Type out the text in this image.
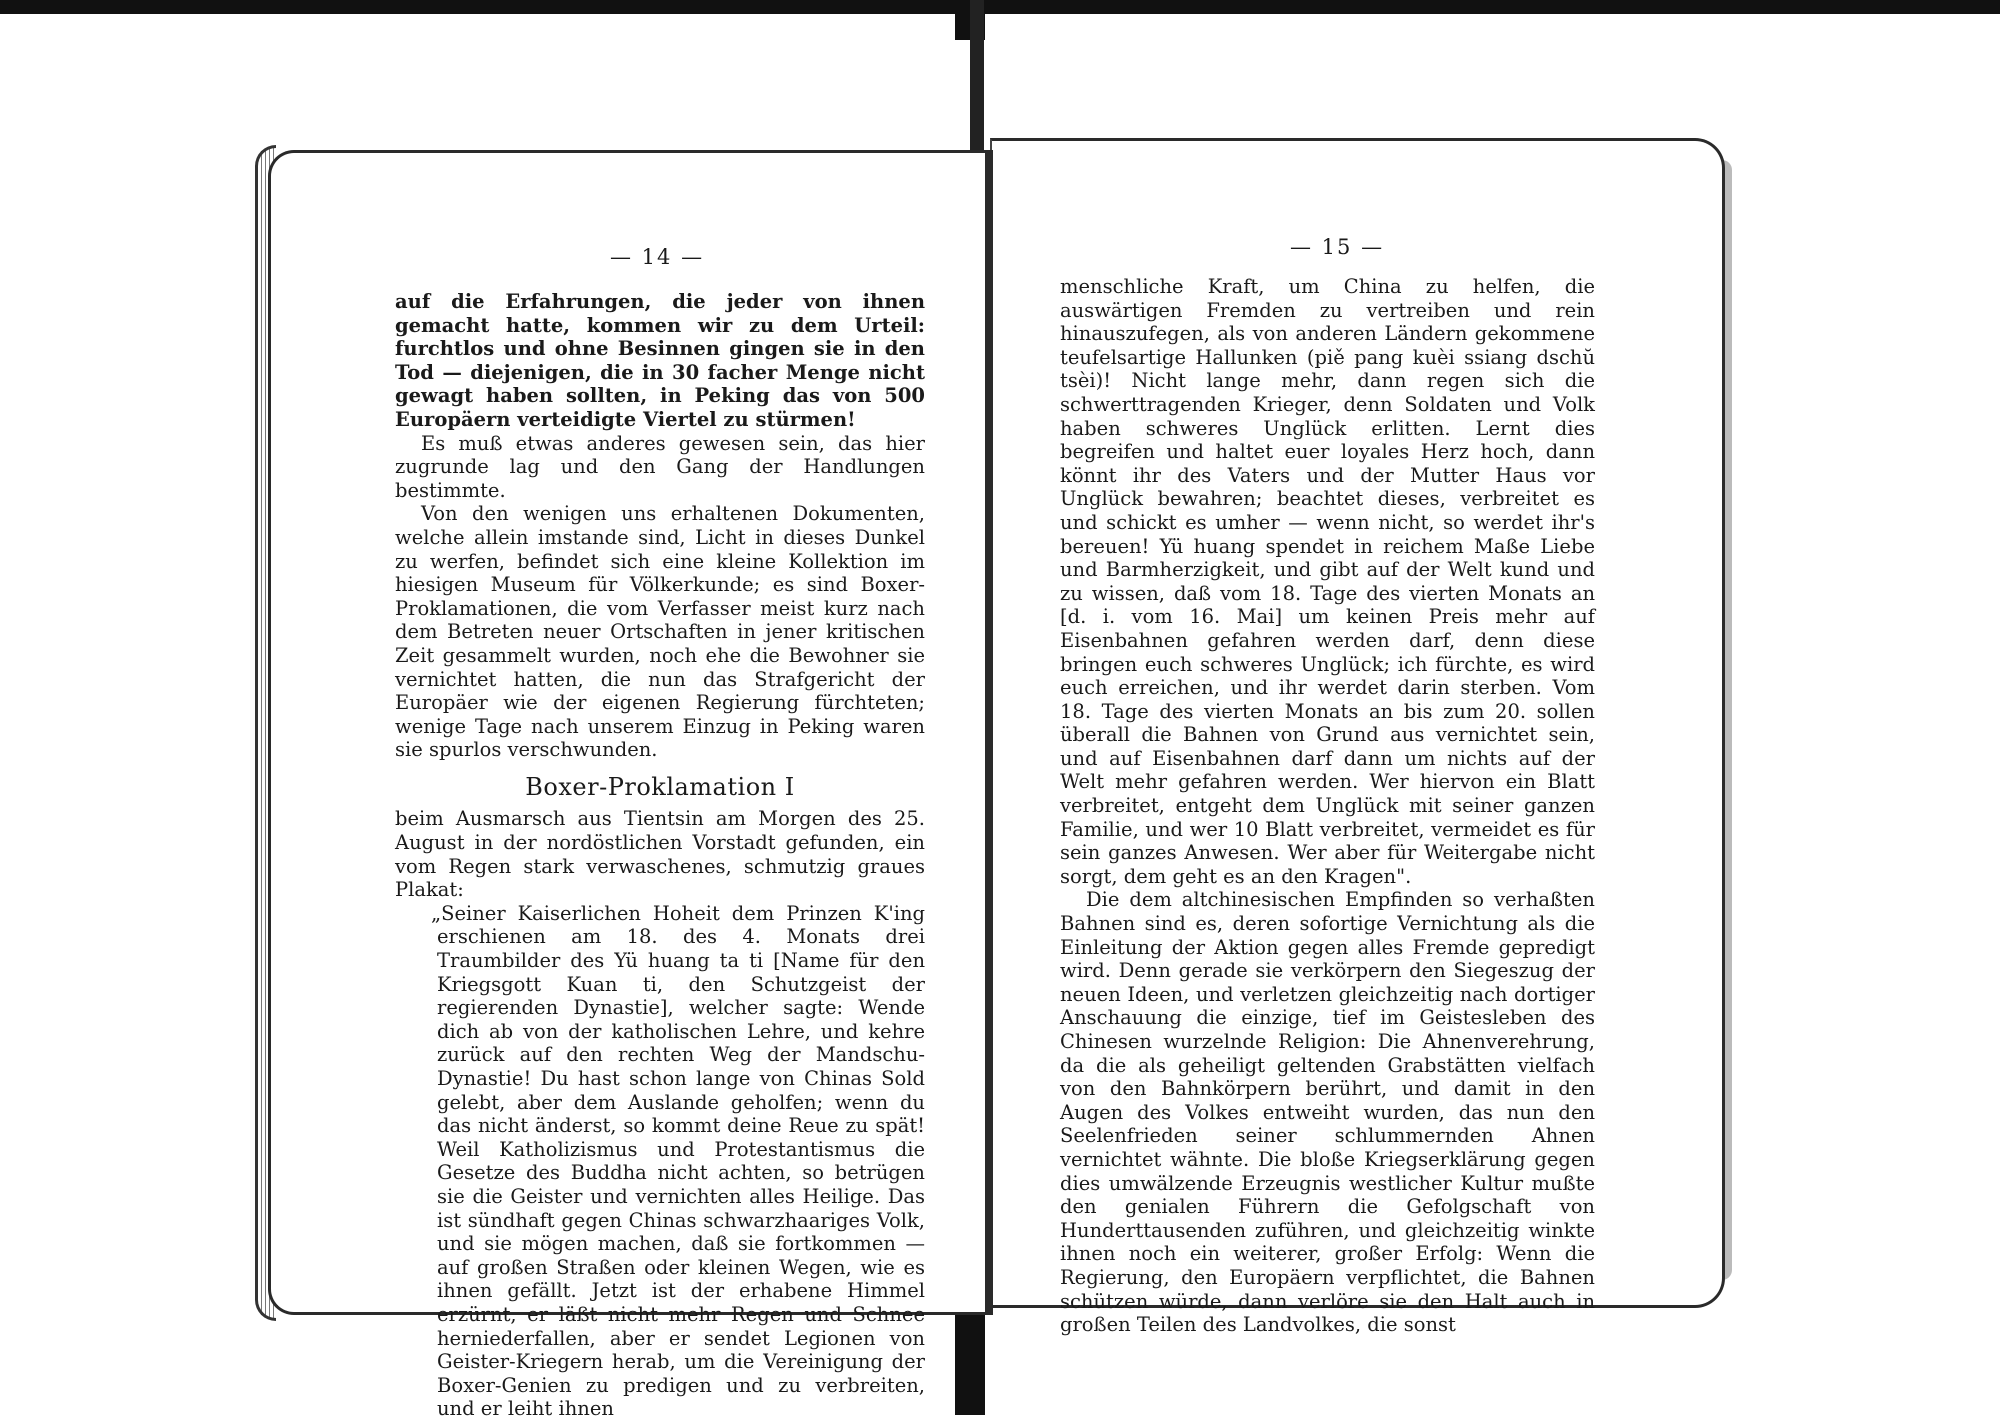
— 14 —	— 15 —

auf die Erfahrungen, die jeder von ihnen gemacht hatte, kommen wir zu dem Urteil: furchtlos und ohne Besinnen gingen sie in den Tod — diejenigen, die in 30 facher Menge nicht gewagt haben sollten, in Peking das von 500 Europäern verteidigte Viertel zu stürmen!

Es muß etwas anderes gewesen sein, das hier zugrunde lag und den Gang der Handlungen bestimmte.

Von den wenigen uns erhaltenen Dokumenten, welche allein imstande sind, Licht in dieses Dunkel zu werfen, befindet sich eine kleine Kollektion im hiesigen Museum für Völkerkunde; es sind Boxer-Proklamationen, die vom Verfasser meist kurz nach dem Betreten neuer Ortschaften in jener kritischen Zeit gesammelt wurden, noch ehe die Bewohner sie vernichtet hatten, die nun das Strafgericht der Europäer wie der eigenen Regierung fürchteten; wenige Tage nach unserem Einzug in Peking waren sie spurlos verschwunden.

Boxer-Proklamation I

beim Ausmarsch aus Tientsin am Morgen des 25. August in der nordöstlichen Vorstadt gefunden, ein vom Regen stark verwaschenes, schmutzig graues Plakat:

„Seiner Kaiserlichen Hoheit dem Prinzen K'ing erschienen am 18. des 4. Monats drei Traumbilder des Yü huang ta ti [Name für den Kriegsgott Kuan ti, den Schutzgeist der regierenden Dynastie], welcher sagte: Wende dich ab von der katholischen Lehre, und kehre zurück auf den rechten Weg der Mandschu-Dynastie! Du hast schon lange von Chinas Sold gelebt, aber dem Auslande geholfen; wenn du das nicht änderst, so kommt deine Reue zu spät! Weil Katholizismus und Protestantismus die Gesetze des Buddha nicht achten, so betrügen sie die Geister und vernichten alles Heilige. Das ist sündhaft gegen Chinas schwarzhaariges Volk, und sie mögen machen, daß sie fortkommen — auf großen Straßen oder kleinen Wegen, wie es ihnen gefällt. Jetzt ist der erhabene Himmel erzürnt, er läßt nicht mehr Regen und Schnee herniederfallen, aber er sendet Legionen von Geister-Kriegern herab, um die Vereinigung der Boxer-Genien zu predigen und zu verbreiten, und er leiht ihnen

menschliche Kraft, um China zu helfen, die auswärtigen Fremden zu vertreiben und rein hinauszufegen, als von anderen Ländern gekommene teufelsartige Hallunken (piě pang kuèi ssiang dschŭ tsèi)! Nicht lange mehr, dann regen sich die schwerttragenden Krieger, denn Soldaten und Volk haben schweres Unglück erlitten. Lernt dies begreifen und haltet euer loyales Herz hoch, dann könnt ihr des Vaters und der Mutter Haus vor Unglück bewahren; beachtet dieses, verbreitet es und schickt es umher — wenn nicht, so werdet ihr's bereuen! Yü huang spendet in reichem Maße Liebe und Barmherzigkeit, und gibt auf der Welt kund und zu wissen, daß vom 18. Tage des vierten Monats an [d. i. vom 16. Mai] um keinen Preis mehr auf Eisenbahnen gefahren werden darf, denn diese bringen euch schweres Unglück; ich fürchte, es wird euch erreichen, und ihr werdet darin sterben. Vom 18. Tage des vierten Monats an bis zum 20. sollen überall die Bahnen von Grund aus vernichtet sein, und auf Eisenbahnen darf dann um nichts auf der Welt mehr gefahren werden. Wer hiervon ein Blatt verbreitet, entgeht dem Unglück mit seiner ganzen Familie, und wer 10 Blatt verbreitet, vermeidet es für sein ganzes Anwesen. Wer aber für Weitergabe nicht sorgt, dem geht es an den Kragen".

Die dem altchinesischen Empfinden so verhaßten Bahnen sind es, deren sofortige Vernichtung als die Einleitung der Aktion gegen alles Fremde gepredigt wird. Denn gerade sie verkörpern den Siegeszug der neuen Ideen, und verletzen gleichzeitig nach dortiger Anschauung die einzige, tief im Geistesleben des Chinesen wurzelnde Religion: Die Ahnenverehrung, da die als geheiligt geltenden Grabstätten vielfach von den Bahnkörpern berührt, und damit in den Augen des Volkes entweiht wurden, das nun den Seelenfrieden seiner schlummernden Ahnen vernichtet wähnte. Die bloße Kriegserklärung gegen dies umwälzende Erzeugnis westlicher Kultur mußte den genialen Führern die Gefolgschaft von Hunderttausenden zuführen, und gleichzeitig winkte ihnen noch ein weiterer, großer Erfolg: Wenn die Regierung, den Europäern verpflichtet, die Bahnen schützen würde, dann verlöre sie den Halt auch in großen Teilen des Landvolkes, die sonst
